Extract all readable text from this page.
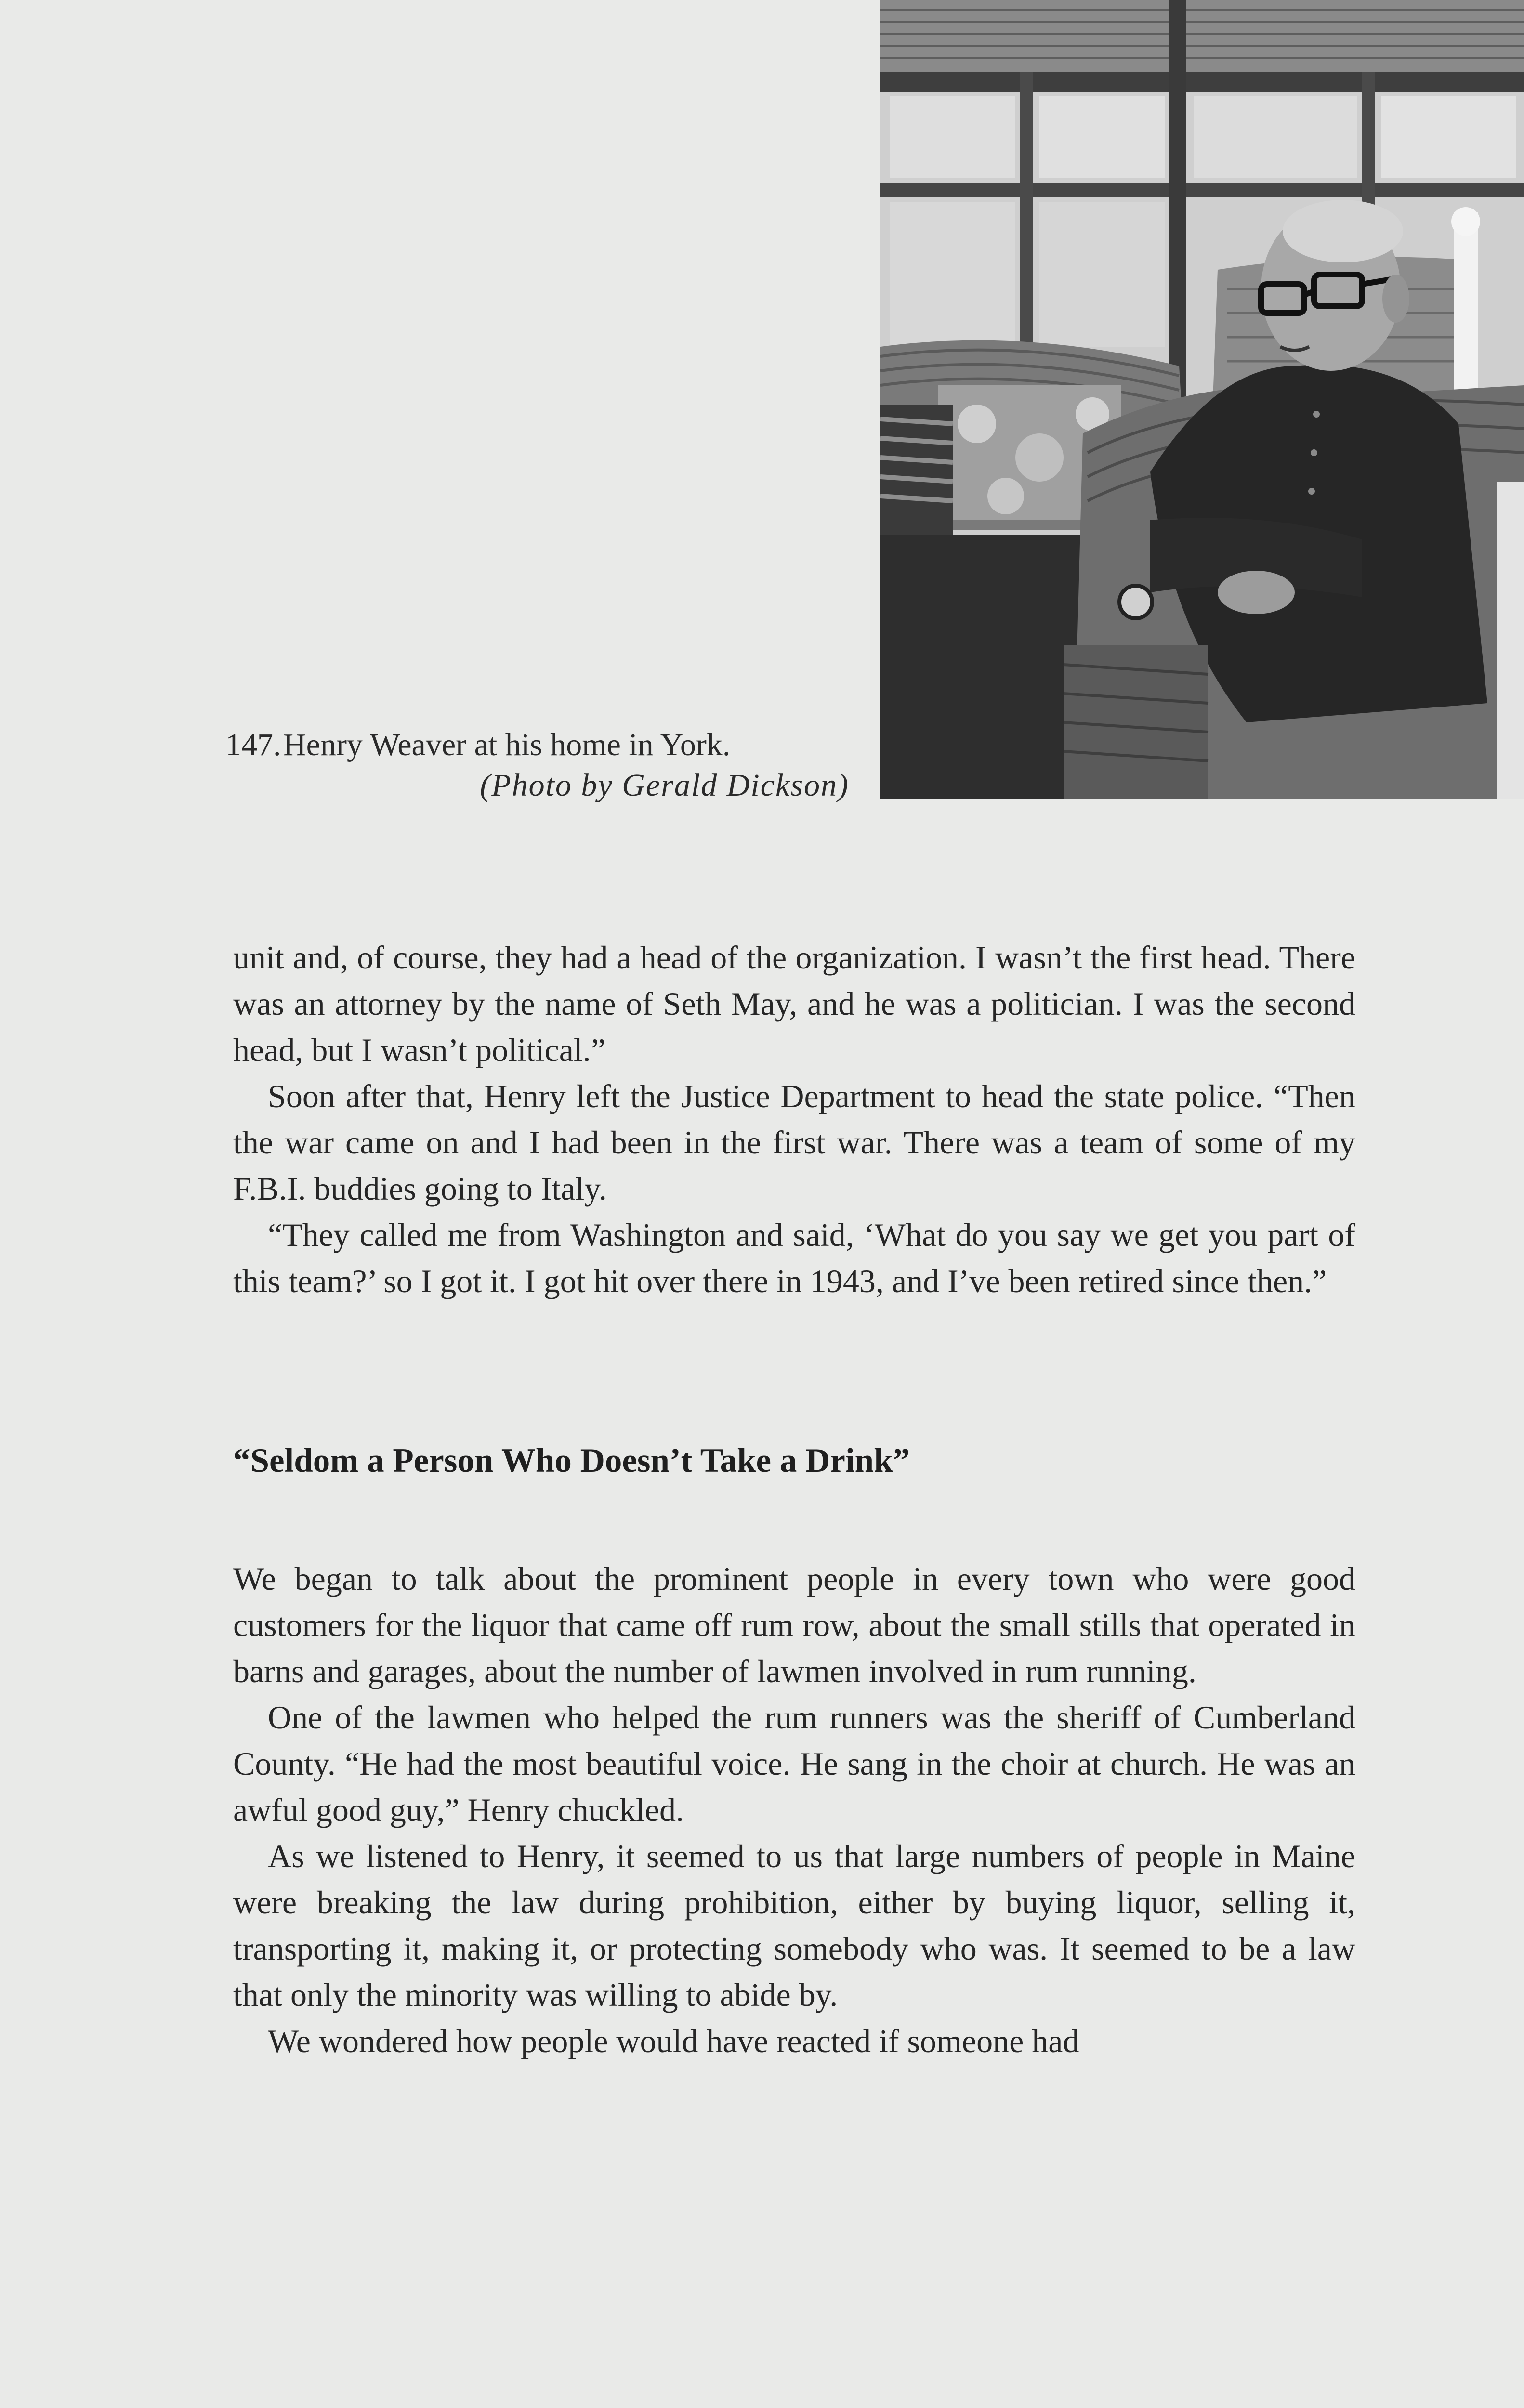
147.Henry Weaver at his home in York.
(Photo by Gerald Dickson)

unit and, of course, they had a head of the organization. I wasn’t the first head. There was an attorney by the name of Seth May, and he was a politician. I was the second head, but I wasn’t political.”

Soon after that, Henry left the Justice Department to head the state police. “Then the war came on and I had been in the first war. There was a team of some of my F.B.I. buddies going to Italy.

“They called me from Washington and said, ‘What do you say we get you part of this team?’ so I got it. I got hit over there in 1943, and I’ve been retired since then.”

“Seldom a Person Who Doesn’t Take a Drink”

We began to talk about the prominent people in every town who were good customers for the liquor that came off rum row, about the small stills that operated in barns and garages, about the number of lawmen involved in rum running.

One of the lawmen who helped the rum runners was the sheriff of Cumberland County. “He had the most beautiful voice. He sang in the choir at church. He was an awful good guy,” Henry chuckled.

As we listened to Henry, it seemed to us that large numbers of people in Maine were breaking the law during prohibition, either by buying liquor, selling it, transporting it, making it, or protecting somebody who was. It seemed to be a law that only the minority was willing to abide by.

We wondered how people would have reacted if someone had
